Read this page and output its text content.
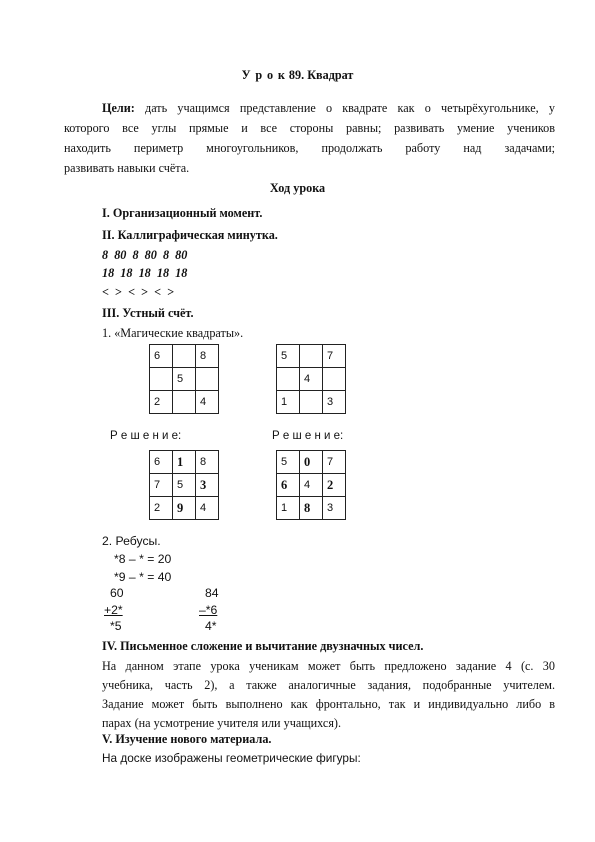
У р о к 89. Квадрат
Цели: дать учащимся представление о квадрате как о четырёхугольнике, у
которого все углы прямые и все стороны равны; развивать умение учеников
находить периметр многоугольников, продолжать работу над задачами;
развивать навыки счёта.
Ход урока
I. Организационный момент.
II. Каллиграфическая минутка.
8  80  8  80  8  80
18  18  18  18  18
<  >  <  >  <  >
III. Устный счёт.
1. «Магические квадраты».
6		8
	5	
2		4
5		7
	4	
1		3
Р е ш е н и е:	Р е ш е н и е:
6	1	8
7	5	3
2	9	4
5	0	7
6	4	2
1	8	3
2. Ребусы.
*8 – * = 20
*9 – * = 40
60
+2*
*5
84
–*6
4*
IV. Письменное сложение и вычитание двузначных чисел.
На данном этапе урока ученикам может быть предложено задание 4 (с. 30
учебника, часть 2), а также аналогичные задания, подобранные учителем.
Задание может быть выполнено как фронтально, так и индивидуально либо в
парах (на усмотрение учителя или учащихся).
V. Изучение нового материала.
На доске изображены геометрические фигуры:
